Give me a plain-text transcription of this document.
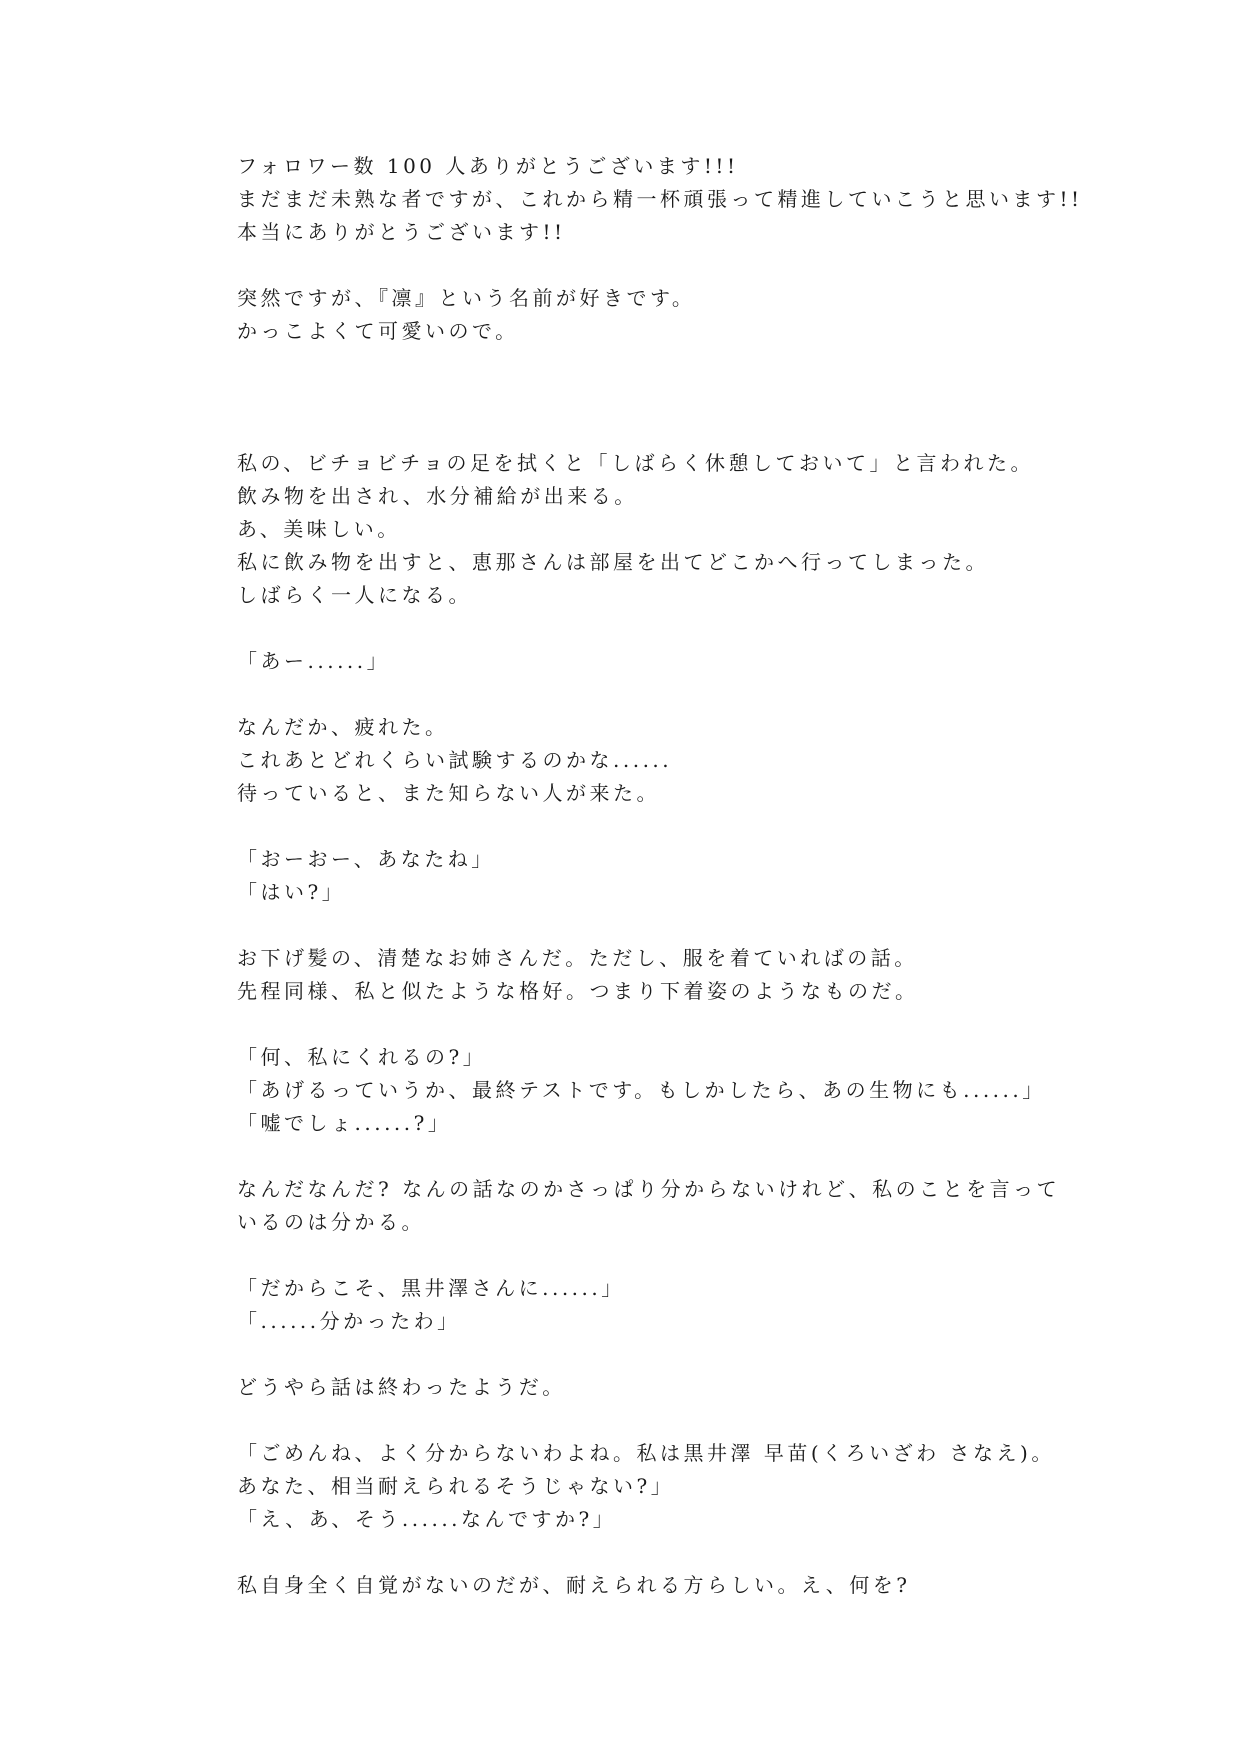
フォロワー数 100 人ありがとうございます!!!
まだまだ未熟な者ですが、これから精一杯頑張って精進していこうと思います!!
本当にありがとうございます!!
突然ですが、『凛』という名前が好きです。
かっこよくて可愛いので。
私の、ビチョビチョの足を拭くと「しばらく休憩しておいて」と言われた。
飲み物を出され、水分補給が出来る。
あ、美味しい。
私に飲み物を出すと、恵那さんは部屋を出てどこかへ行ってしまった。
しばらく一人になる。
「あー......」
なんだか、疲れた。
これあとどれくらい試験するのかな......
待っていると、また知らない人が来た。
「おーおー、あなたね」
「はい?」
お下げ髪の、清楚なお姉さんだ。ただし、服を着ていればの話。
先程同様、私と似たような格好。つまり下着姿のようなものだ。
「何、私にくれるの?」
「あげるっていうか、最終テストです。もしかしたら、あの生物にも......」
「嘘でしょ......?」
なんだなんだ? なんの話なのかさっぱり分からないけれど、私のことを言って
いるのは分かる。
「だからこそ、黒井澤さんに......」
「......分かったわ」
どうやら話は終わったようだ。
「ごめんね、よく分からないわよね。私は黒井澤 早苗(くろいざわ さなえ)。
あなた、相当耐えられるそうじゃない?」
「え、あ、そう......なんですか?」
私自身全く自覚がないのだが、耐えられる方らしい。え、何を?
